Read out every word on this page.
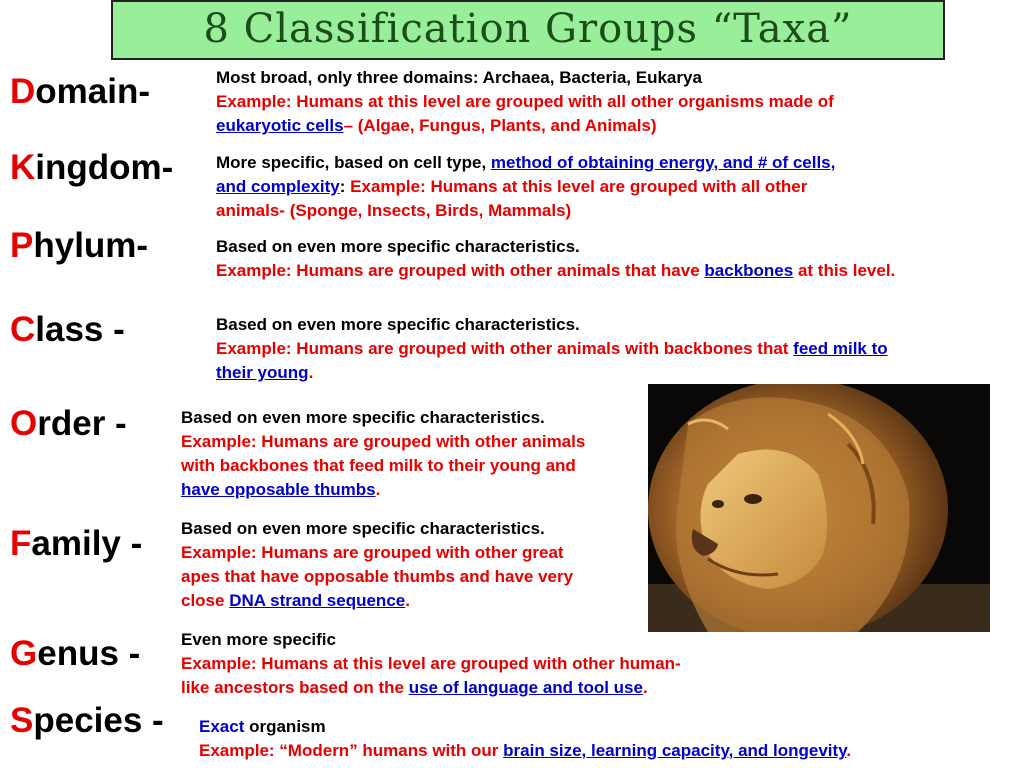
8 Classification Groups “Taxa”
Domain-
Kingdom-
Phylum-
Class -
Order -
Family -
Genus -
Species -
Most broad, only three domains: Archaea, Bacteria, Eukarya
Example: Humans at this level are grouped with all other organisms made of
eukaryotic cells– (Algae, Fungus, Plants, and Animals)
More specific, based on cell type, method of obtaining energy, and # of cells,
and complexity: Example: Humans at this level are grouped with all other
animals- (Sponge, Insects, Birds, Mammals)
Based on even more specific characteristics.
Example: Humans are grouped with other animals that have backbones at this level.
Based on even more specific characteristics.
Example: Humans are grouped with other animals with backbones that feed milk to
their young.
Based on even more specific characteristics.
Example: Humans are grouped with other animals
with backbones that feed milk to their young and
have opposable thumbs.
Based on even more specific characteristics.
Example: Humans are grouped with other great
apes that have opposable thumbs and have very
close DNA strand sequence.
Even more specific
Example: Humans at this level are grouped with other human-
like ancestors based on the use of language and tool use.
Exact organism
Example: “Modern” humans with our brain size, learning capacity, and longevity.
